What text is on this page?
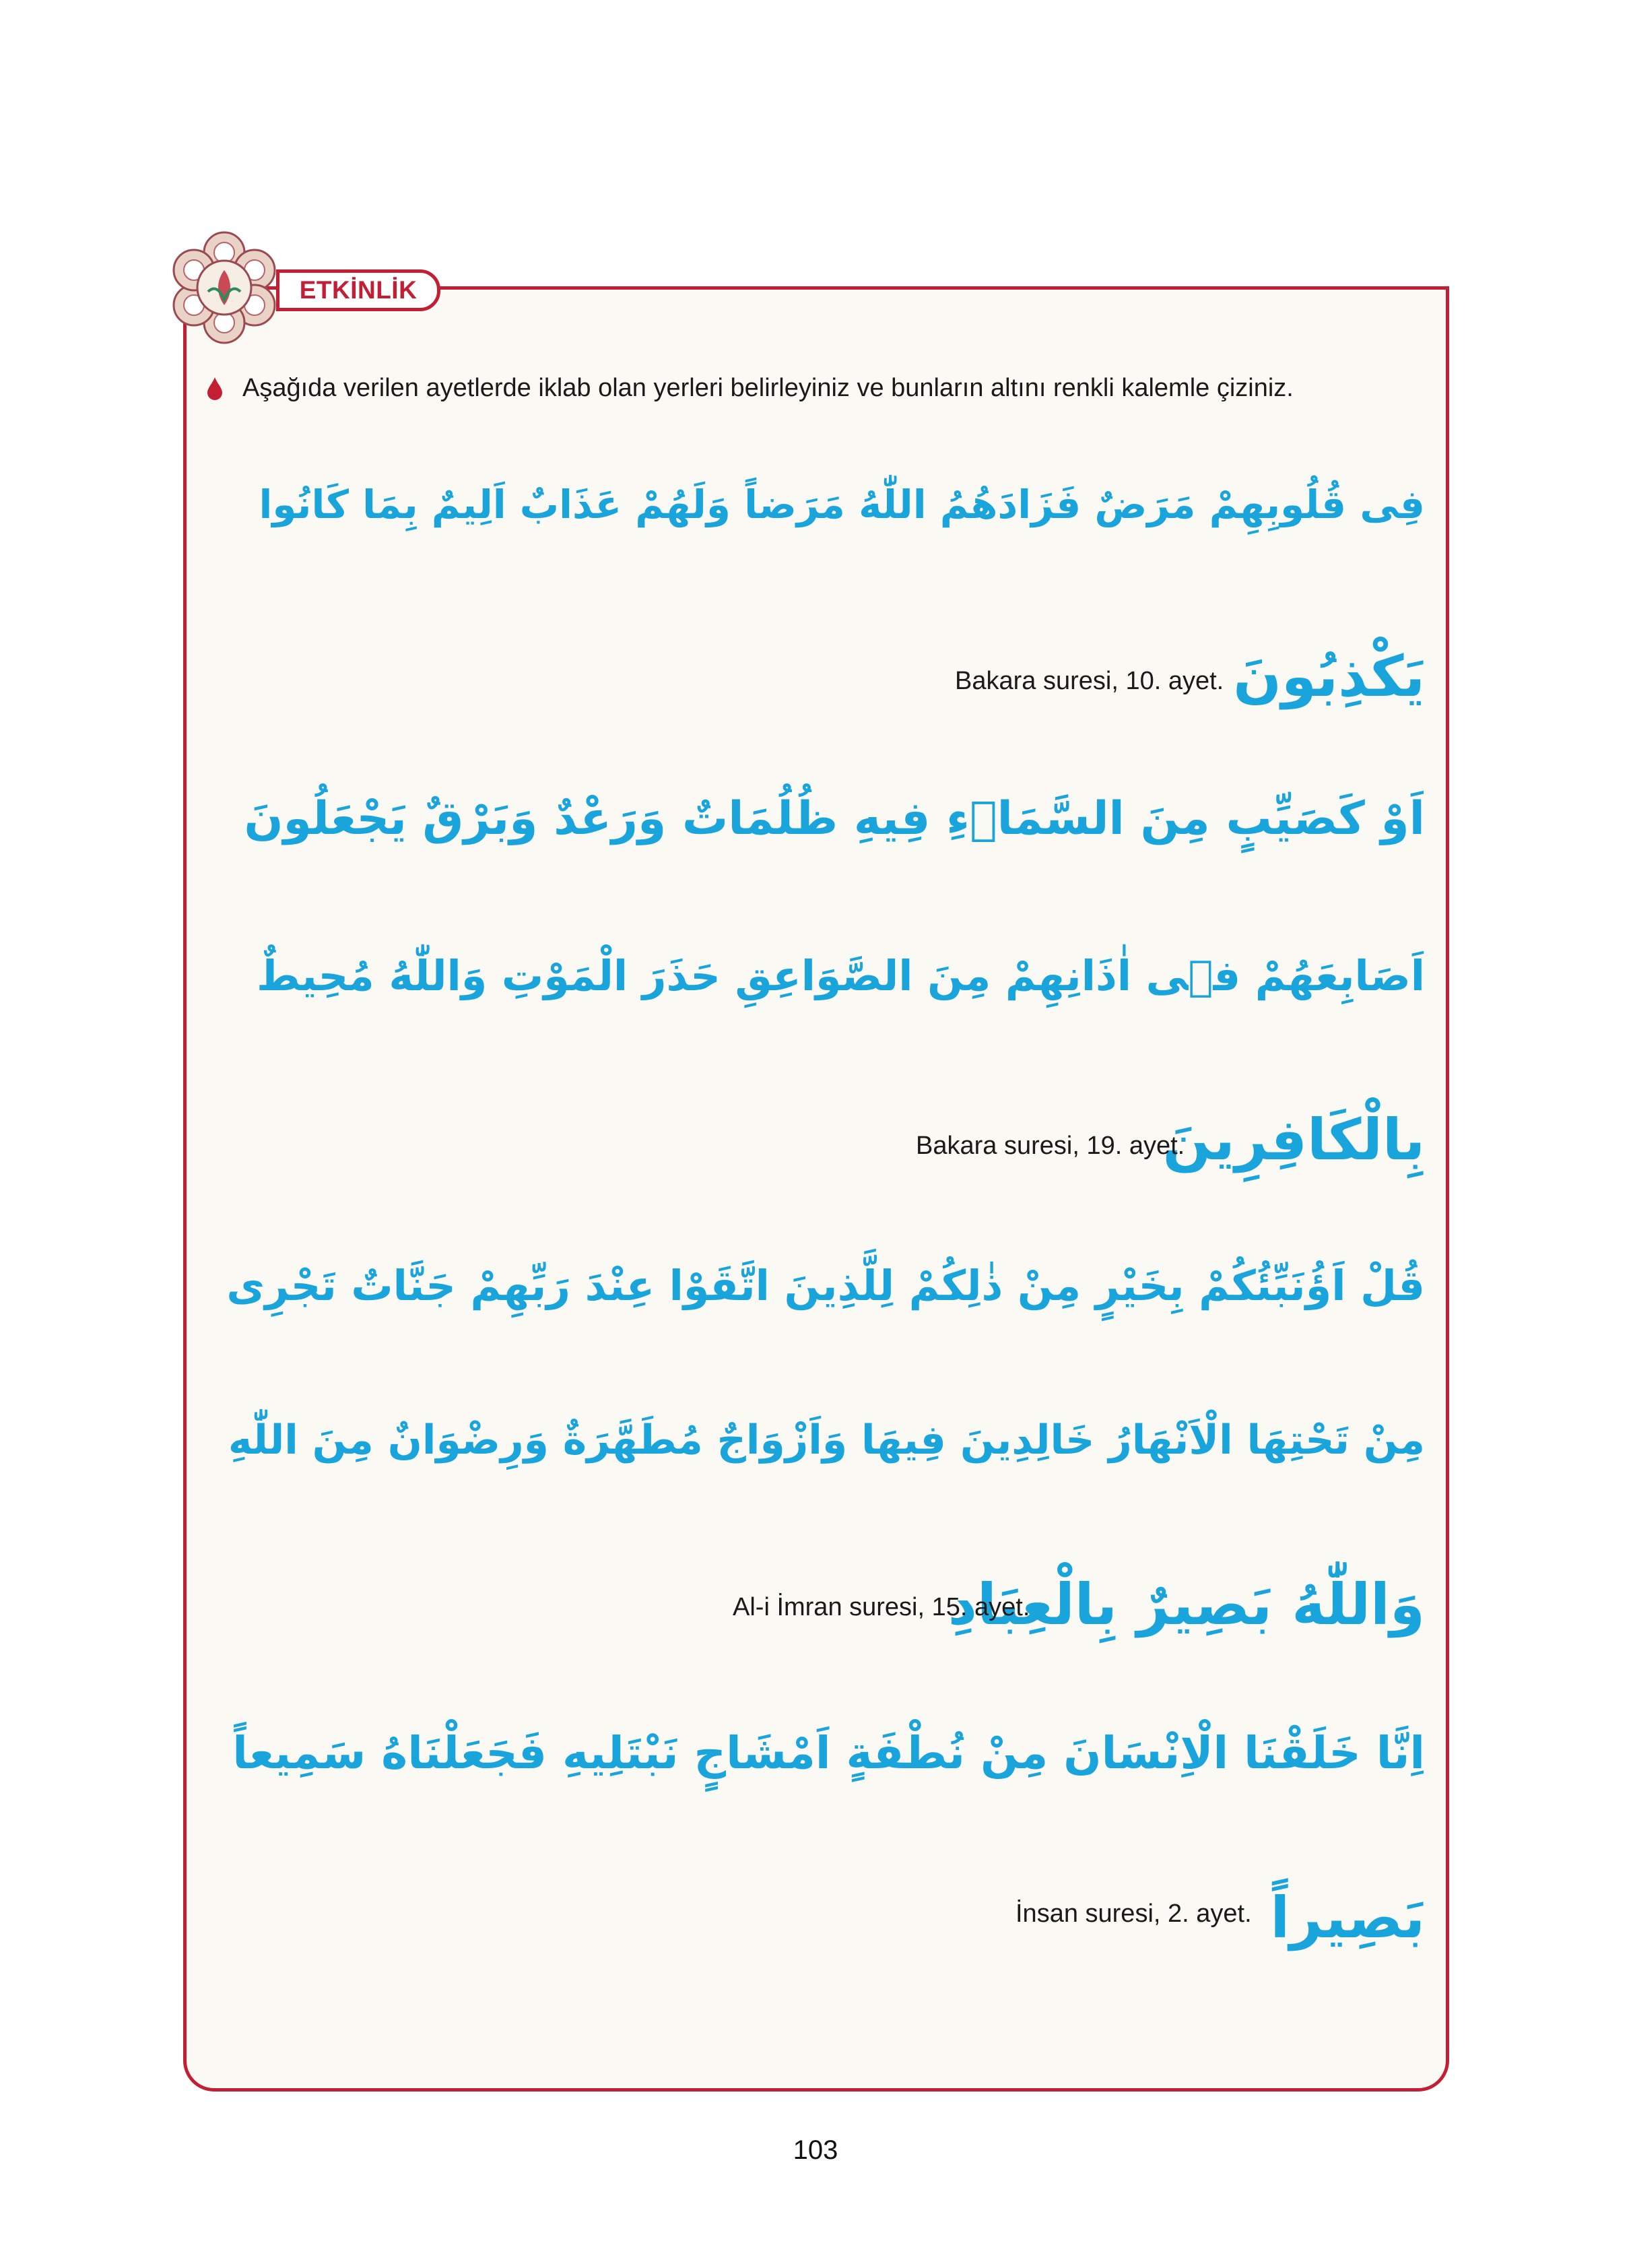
ETKİNLİK
Aşağıda verilen ayetlerde iklab olan yerleri belirleyiniz ve bunların altını renkli kalemle çiziniz.
فِى قُلُوبِهِمْ مَرَضٌ فَزَادَهُمُ اللّٰهُ مَرَضاً وَلَهُمْ عَذَابٌ اَلِيمٌ بِمَا كَانُوا
يَكْذِبُونَ
Bakara suresi, 10. ayet.
اَوْ كَصَيِّبٍ مِنَ السَّمَاۤءِ فِيهِ ظُلُمَاتٌ وَرَعْدٌ وَبَرْقٌ يَجْعَلُونَ
اَصَابِعَهُمْ فٖى اٰذَانِهِمْ مِنَ الصَّوَاعِقِ حَذَرَ الْمَوْتِ وَاللّٰهُ مُحِيطٌ
بِالْكَافِرِينَ
Bakara suresi, 19. ayet.
قُلْ اَؤُنَبِّئُكُمْ بِخَيْرٍ مِنْ ذٰلِكُمْ لِلَّذِينَ اتَّقَوْا عِنْدَ رَبِّهِمْ جَنَّاتٌ تَجْرِى
مِنْ تَحْتِهَا الْاَنْهَارُ خَالِدِينَ فِيهَا وَاَزْوَاجٌ مُطَهَّرَةٌ وَرِضْوَانٌ مِنَ اللّٰهِ
وَاللّٰهُ بَصِيرٌ بِالْعِبَادِ
Al-i İmran suresi, 15. ayet.
اِنَّا خَلَقْنَا الْاِنْسَانَ مِنْ نُطْفَةٍ اَمْشَاجٍ نَبْتَلِيهِ فَجَعَلْنَاهُ سَمِيعاً
بَصِيراً
İnsan suresi, 2. ayet.
103
